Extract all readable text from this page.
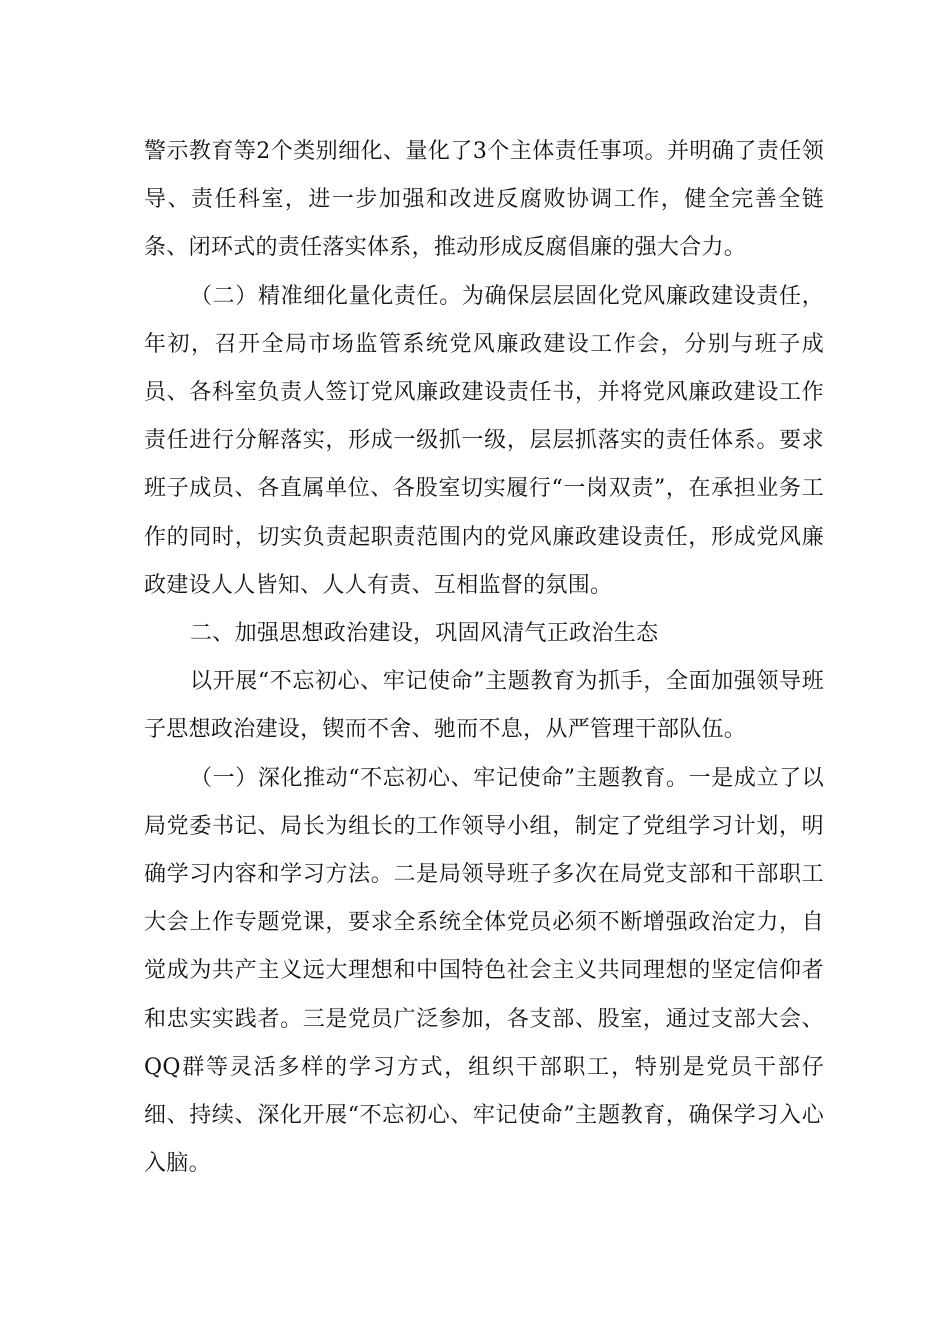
警示教育等2个类别细化、量化了3个主体责任事项。并明确了责任领导、责任科室，进一步加强和改进反腐败协调工作，健全完善全链条、闭环式的责任落实体系，推动形成反腐倡廉的强大合力。

（二）精准细化量化责任。为确保层层固化党风廉政建设责任，年初，召开全局市场监管系统党风廉政建设工作会，分别与班子成员、各科室负责人签订党风廉政建设责任书，并将党风廉政建设工作责任进行分解落实，形成一级抓一级，层层抓落实的责任体系。要求班子成员、各直属单位、各股室切实履行“一岗双责”，在承担业务工作的同时，切实负责起职责范围内的党风廉政建设责任，形成党风廉政建设人人皆知、人人有责、互相监督的氛围。

二、加强思想政治建设，巩固风清气正政治生态

以开展“不忘初心、牢记使命”主题教育为抓手，全面加强领导班子思想政治建设，锲而不舍、驰而不息，从严管理干部队伍。

（一）深化推动“不忘初心、牢记使命”主题教育。一是成立了以局党委书记、局长为组长的工作领导小组，制定了党组学习计划，明确学习内容和学习方法。二是局领导班子多次在局党支部和干部职工大会上作专题党课，要求全系统全体党员必须不断增强政治定力，自觉成为共产主义远大理想和中国特色社会主义共同理想的坚定信仰者和忠实实践者。三是党员广泛参加，各支部、股室，通过支部大会、QQ群等灵活多样的学习方式，组织干部职工，特别是党员干部仔细、持续、深化开展“不忘初心、牢记使命”主题教育，确保学习入心入脑。
